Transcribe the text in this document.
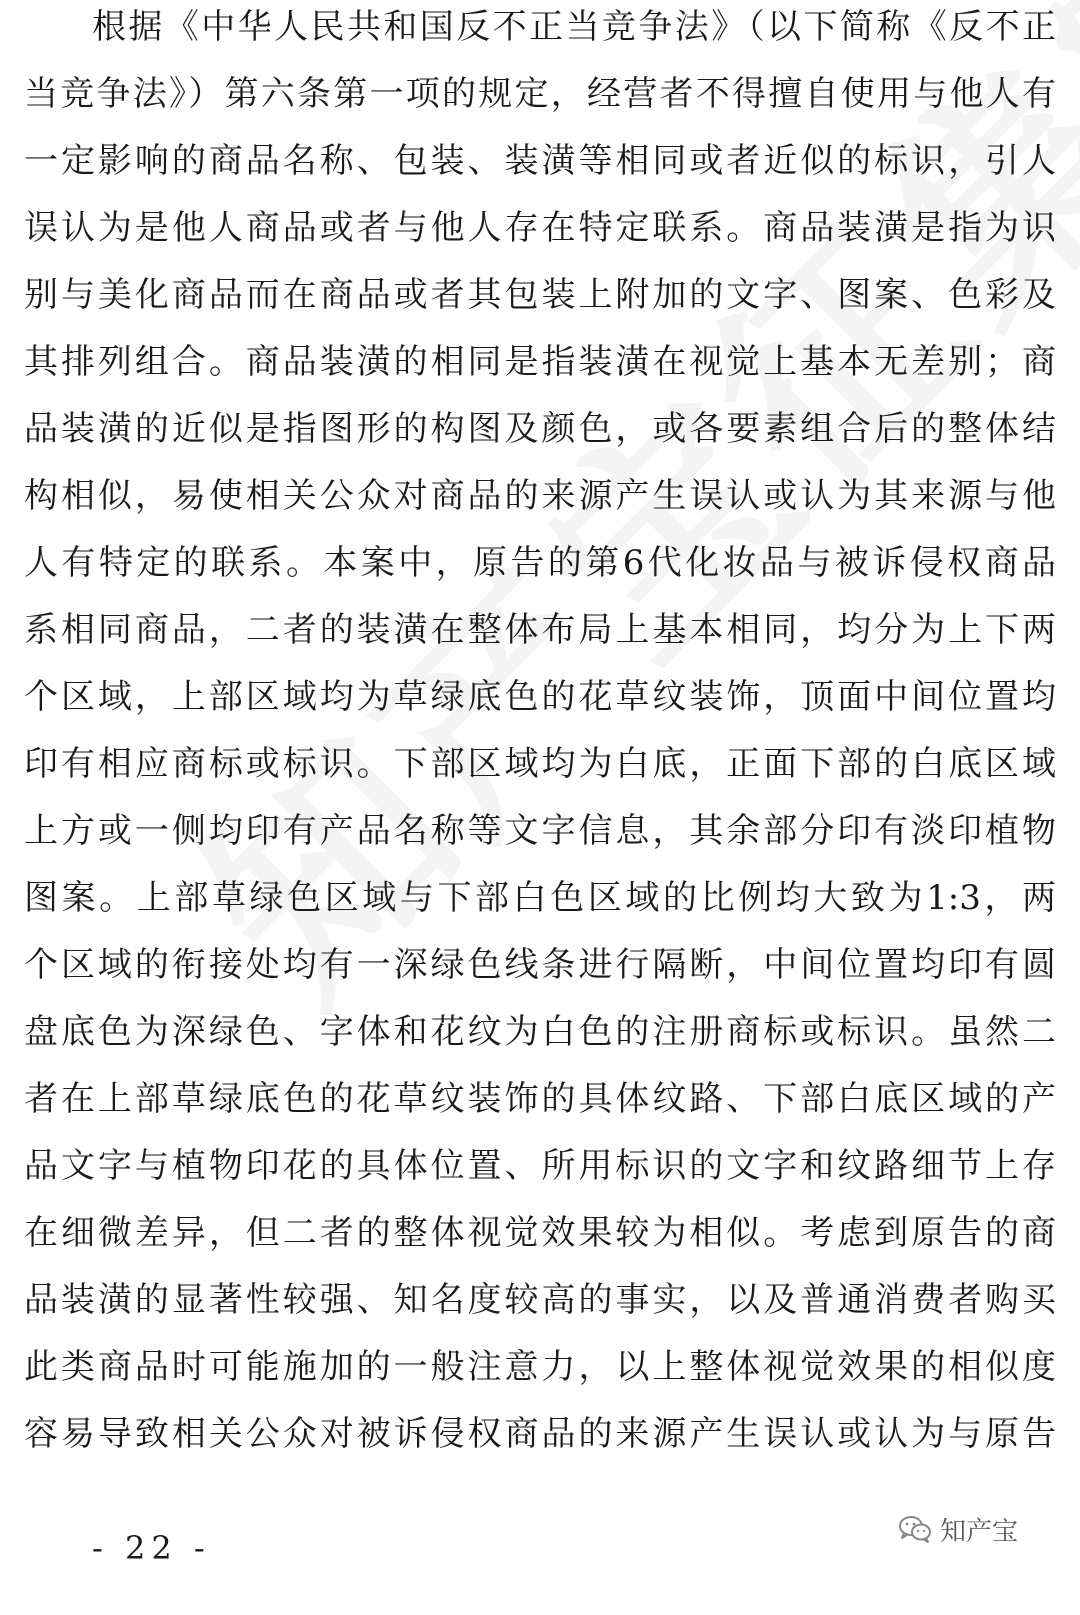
根据《中华人民共和国反不正当竞争法》（以下简称《反不正
当竞争法》）第六条第一项的规定，经营者不得擅自使用与他人有
一定影响的商品名称、包装、装潢等相同或者近似的标识，引人
误认为是他人商品或者与他人存在特定联系。商品装潢是指为识
别与美化商品而在商品或者其包装上附加的文字、图案、色彩及
其排列组合。商品装潢的相同是指装潢在视觉上基本无差别；商
品装潢的近似是指图形的构图及颜色，或各要素组合后的整体结
构相似，易使相关公众对商品的来源产生误认或认为其来源与他
人有特定的联系。本案中，原告的第6代化妆品与被诉侵权商品
系相同商品，二者的装潢在整体布局上基本相同，均分为上下两
个区域，上部区域均为草绿底色的花草纹装饰，顶面中间位置均
印有相应商标或标识。下部区域均为白底，正面下部的白底区域
上方或一侧均印有产品名称等文字信息，其余部分印有淡印植物
图案。上部草绿色区域与下部白色区域的比例均大致为1:3，两
个区域的衔接处均有一深绿色线条进行隔断，中间位置均印有圆
盘底色为深绿色、字体和花纹为白色的注册商标或标识。虽然二
者在上部草绿底色的花草纹装饰的具体纹路、下部白底区域的产
品文字与植物印花的具体位置、所用标识的文字和纹路细节上存
在细微差异，但二者的整体视觉效果较为相似。考虑到原告的商
品装潢的显著性较强、知名度较高的事实，以及普通消费者购买
此类商品时可能施加的一般注意力，以上整体视觉效果的相似度
容易导致相关公众对被诉侵权商品的来源产生误认或认为与原告
- 22 -	知产宝
